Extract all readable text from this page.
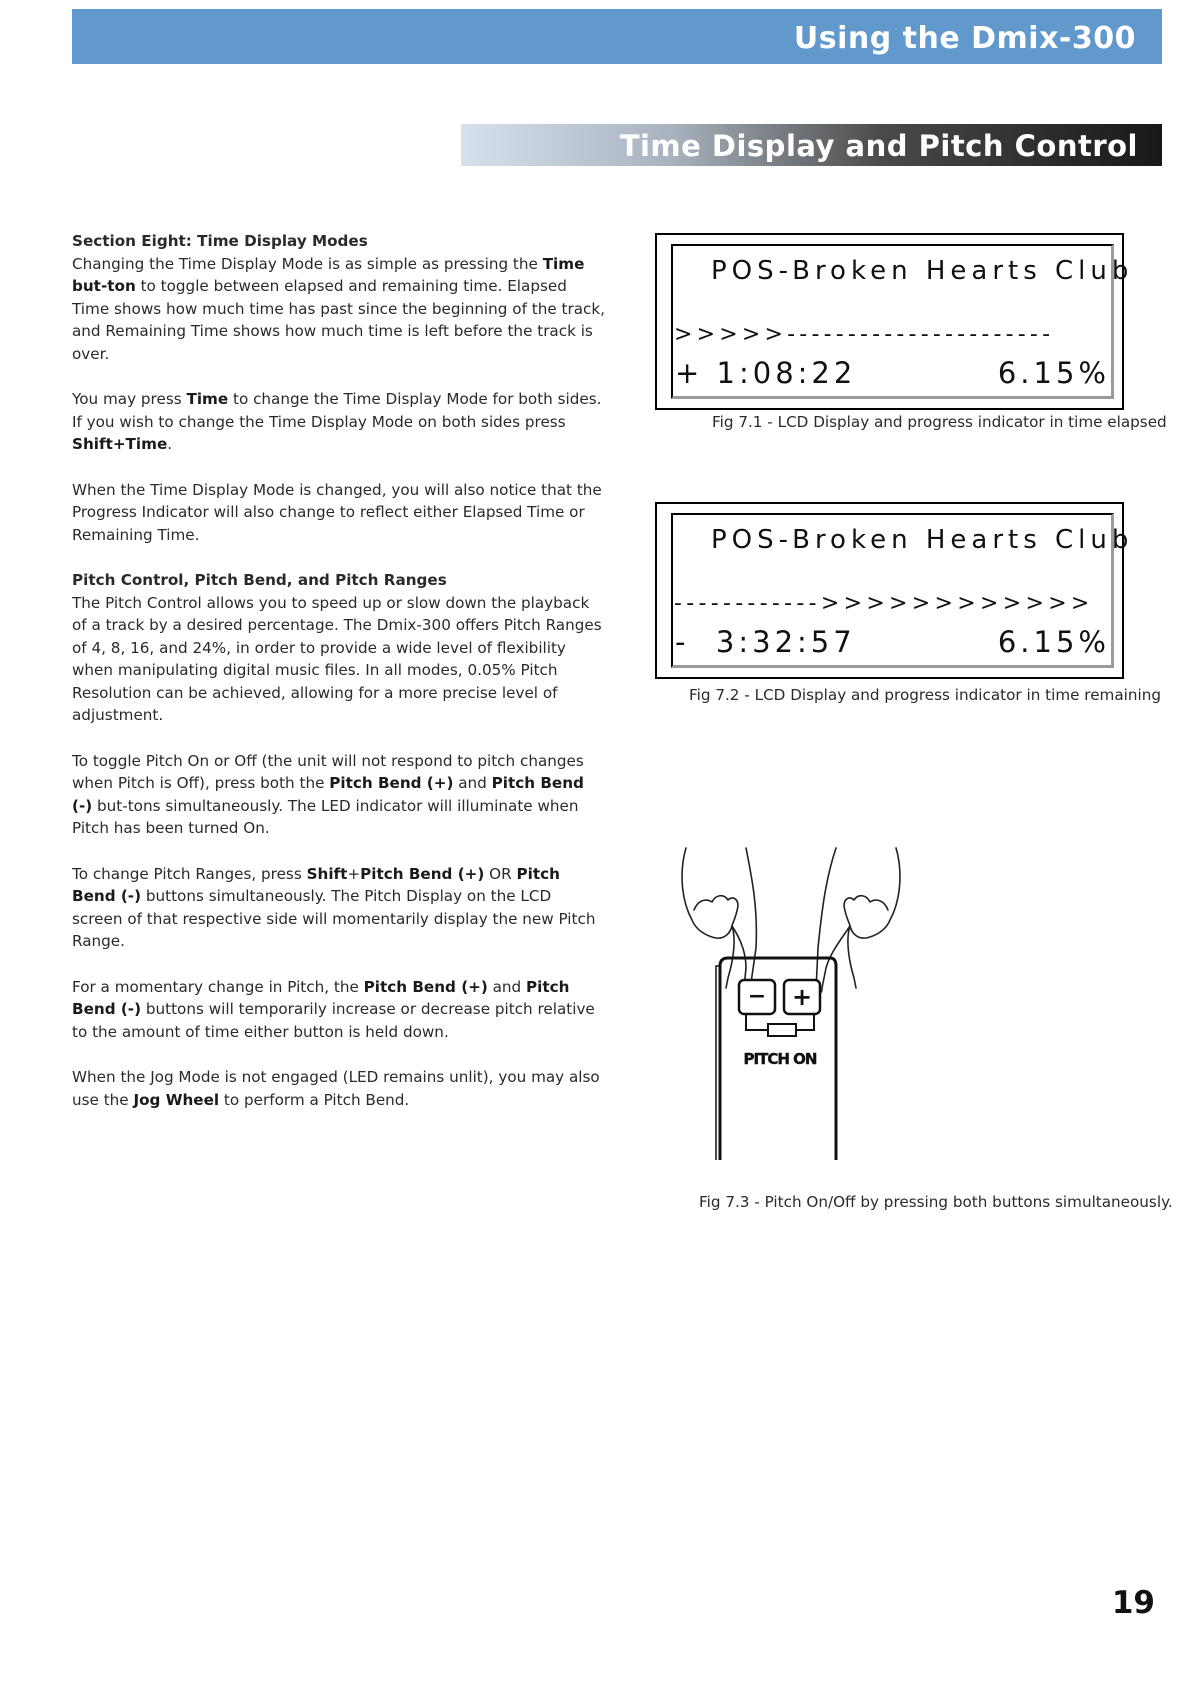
Using the Dmix-300
Time Display and Pitch Control

Section Eight: Time Display Modes
Changing the Time Display Mode is as simple as pressing the Time but-ton to toggle between elapsed and remaining time. Elapsed Time shows how much time has past since the beginning of the track, and Remaining Time shows how much time is left before the track is over.

You may press Time to change the Time Display Mode for both sides. If you wish to change the Time Display Mode on both sides press Shift+Time.

When the Time Display Mode is changed, you will also notice that the Progress Indicator will also change to reflect either Elapsed Time or Remaining Time.

Pitch Control, Pitch Bend, and Pitch Ranges
The Pitch Control allows you to speed up or slow down the playback of a track by a desired percentage. The Dmix-300 offers Pitch Ranges of 4, 8, 16, and 24%, in order to provide a wide level of flexibility when manipulating digital music files. In all modes, 0.05% Pitch Resolution can be achieved, allowing for a more precise level of adjustment.

To toggle Pitch On or Off (the unit will not respond to pitch changes when Pitch is Off), press both the Pitch Bend (+) and Pitch Bend (-) but-tons simultaneously. The LED indicator will illuminate when Pitch has been turned On.

To change Pitch Ranges, press Shift+Pitch Bend (+) OR Pitch Bend (-) buttons simultaneously. The Pitch Display on the LCD screen of that respective side will momentarily display the new Pitch Range.

For a momentary change in Pitch, the Pitch Bend (+) and Pitch Bend (-) buttons will temporarily increase or decrease pitch relative to the amount of time either button is held down.

When the Jog Mode is not engaged (LED remains unlit), you may also use the Jog Wheel to perform a Pitch Bend.

POS-Broken Hearts Club
>>>>>----------------------
+ 1:08:22	6.15%
Fig 7.1 - LCD Display and progress indicator in time elapsed
POS-Broken Hearts Club
------------>>>>>>>>>>>>
-  3:32:57	6.15%
Fig 7.2 - LCD Display and progress indicator in time remaining
− +
PITCH ON
Fig 7.3 - Pitch On/Off by pressing both buttons simultaneously.
19
